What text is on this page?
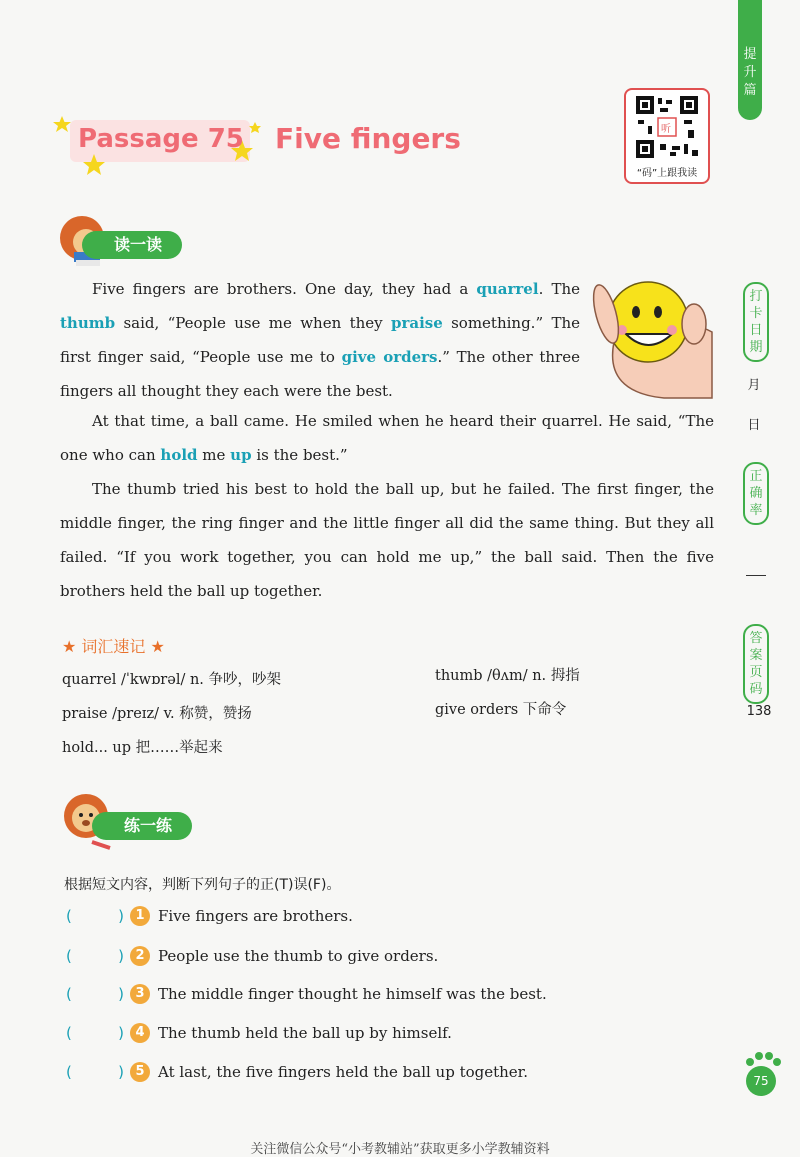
提升篇
打卡日期
月
日
正确率
答案页码
138
Passage 75 Five fingers	听
“码”上跟我读
读一读

Five fingers are brothers. One day, they had a quarrel. The thumb said, “People use me when they praise something.” The first finger said, “People use me to give orders.” The other three fingers all thought they each were the best.

At that time, a ball came. He smiled when he heard their quarrel. He said, “The one who can hold me up is the best.”

The thumb tried his best to hold the ball up, but he failed. The first finger, the middle finger, the ring finger and the little finger all did the same thing. But they all failed. “If you work together, you can hold me up,” the ball said. Then the five brothers held the ball up together.

★ 词汇速记 ★
quarrel /ˈkwɒrəl/ n. 争吵，吵架	thumb /θʌm/ n. 拇指
praise /preɪz/ v. 称赞，赞扬	give orders 下命令
hold... up 把……举起来
练一练
根据短文内容，判断下列句子的正(T)误(F)。
(	) 1 Five fingers are brothers.
(	) 2 People use the thumb to give orders.
(	) 3 The middle finger thought he himself was the best.
(	) 4 The thumb held the ball up by himself.
(	) 5 At last, the five fingers held the ball up together.	75
关注微信公众号“小考教辅站”获取更多小学教辅资料
